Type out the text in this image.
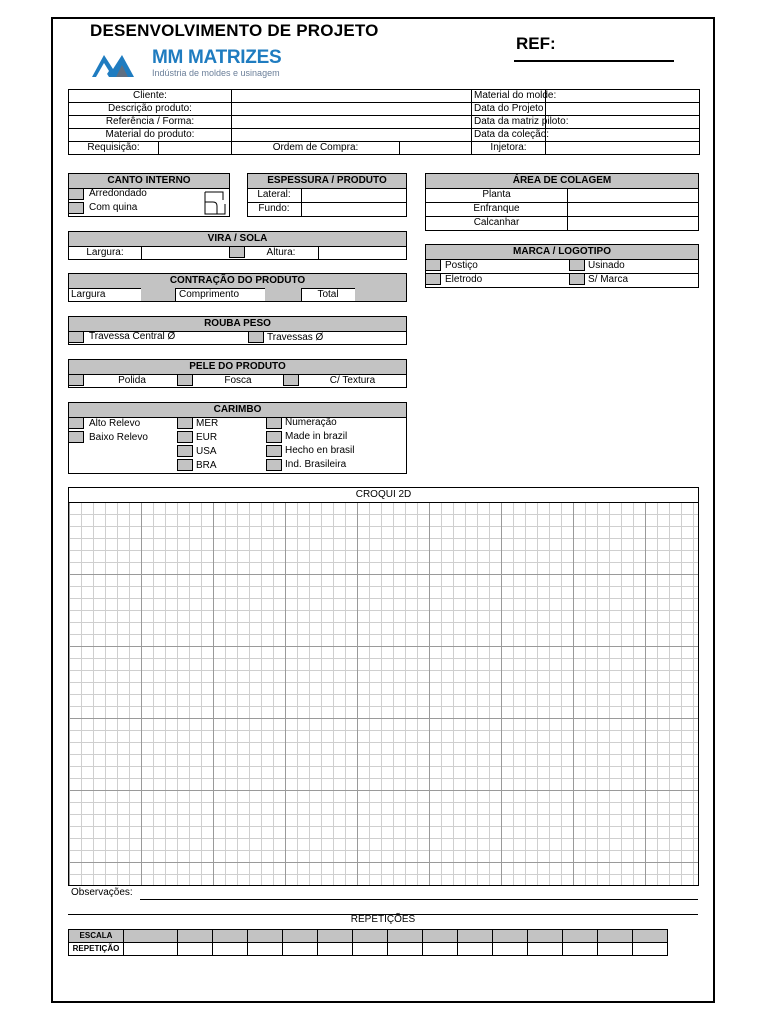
DESENVOLVIMENTO DE PROJETO
REF:
MM MATRIZES
Indústria de moldes e usinagem
Cliente:				Material do molde:	
Descrição produto:				Data do Projeto	
Referência / Forma:				Data da matriz piloto:	
Material do produto:				Data da coleção:	
Requisição:		Ordem de Compra:		Injetora:	
CANTO INTERNO
Arredondado
Com quina
ESPESSURA / PRODUTO
Lateral:
Fundo:
ÁREA DE COLAGEM
Planta
Enfranque
Calcanhar
VIRA / SOLA
Largura:	Altura:	MARCA / LOGOTIPO
Postiço	Usinado
Eletrodo	S/ Marca
CONTRAÇÃO DO PRODUTO
Largura	Comprimento	Total
ROUBA PESO
Travessa Central Ø	Travessas Ø
PELE DO PRODUTO
Polida	Fosca	C/ Textura
CARIMBO
Alto Relevo
Baixo Relevo
MER
EUR
USA
BRA
Numeração
Made in brazil
Hecho en brasil
Ind. Brasileira
CROQUI 2D
Observações:
REPETIÇÕES
ESCALA															
REPETIÇÃO															
